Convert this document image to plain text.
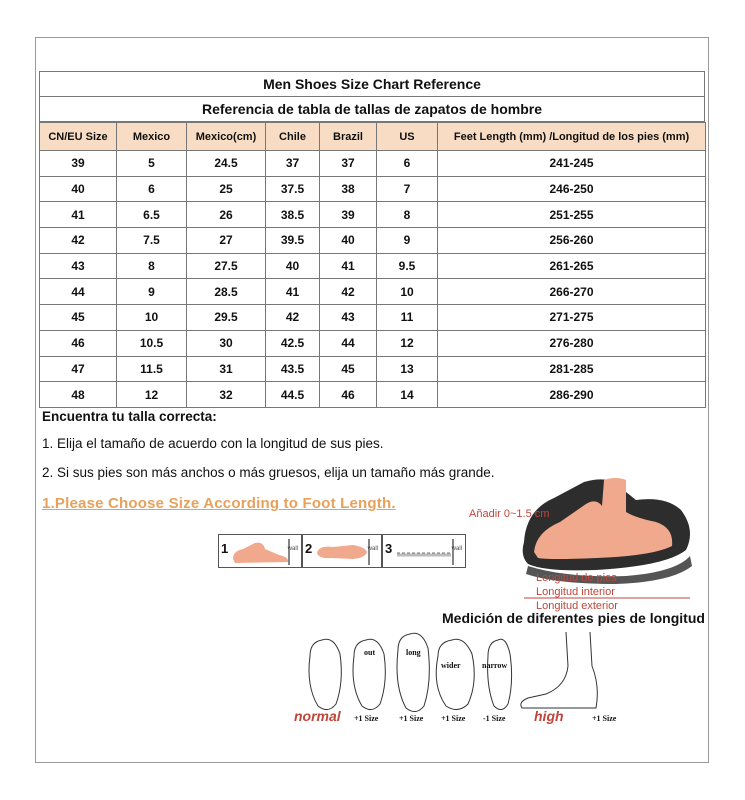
Men Shoes Size Chart Reference
Referencia de tabla de tallas de zapatos de hombre
CN/EU Size	Mexico	Mexico(cm)	Chile	Brazil	US	Feet Length (mm) /Longitud de los pies (mm)
39	5	24.5	37	37	6	241-245
40	6	25	37.5	38	7	246-250
41	6.5	26	38.5	39	8	251-255
42	7.5	27	39.5	40	9	256-260
43	8	27.5	40	41	9.5	261-265
44	9	28.5	41	42	10	266-270
45	10	29.5	42	43	11	271-275
46	10.5	30	42.5	44	12	276-280
47	11.5	31	43.5	45	13	281-285
48	12	32	44.5	46	14	286-290
Encuentra tu talla correcta:
1. Elija el tamaño de acuerdo con la longitud de sus pies.
2. Si sus pies son más anchos o más gruesos, elija un tamaño más grande.
1.Please Choose Size According to Foot Length.
1	wall 2	wall 3	wall
Añadir 0~1.5 cm
Longitud de pies
Longitud interior
Longitud exterior
Medición de diferentes pies de longitud
out	long
wider	narrow
normal +1 Size	+1 Size +1 Size -1 Size high	+1 Size
